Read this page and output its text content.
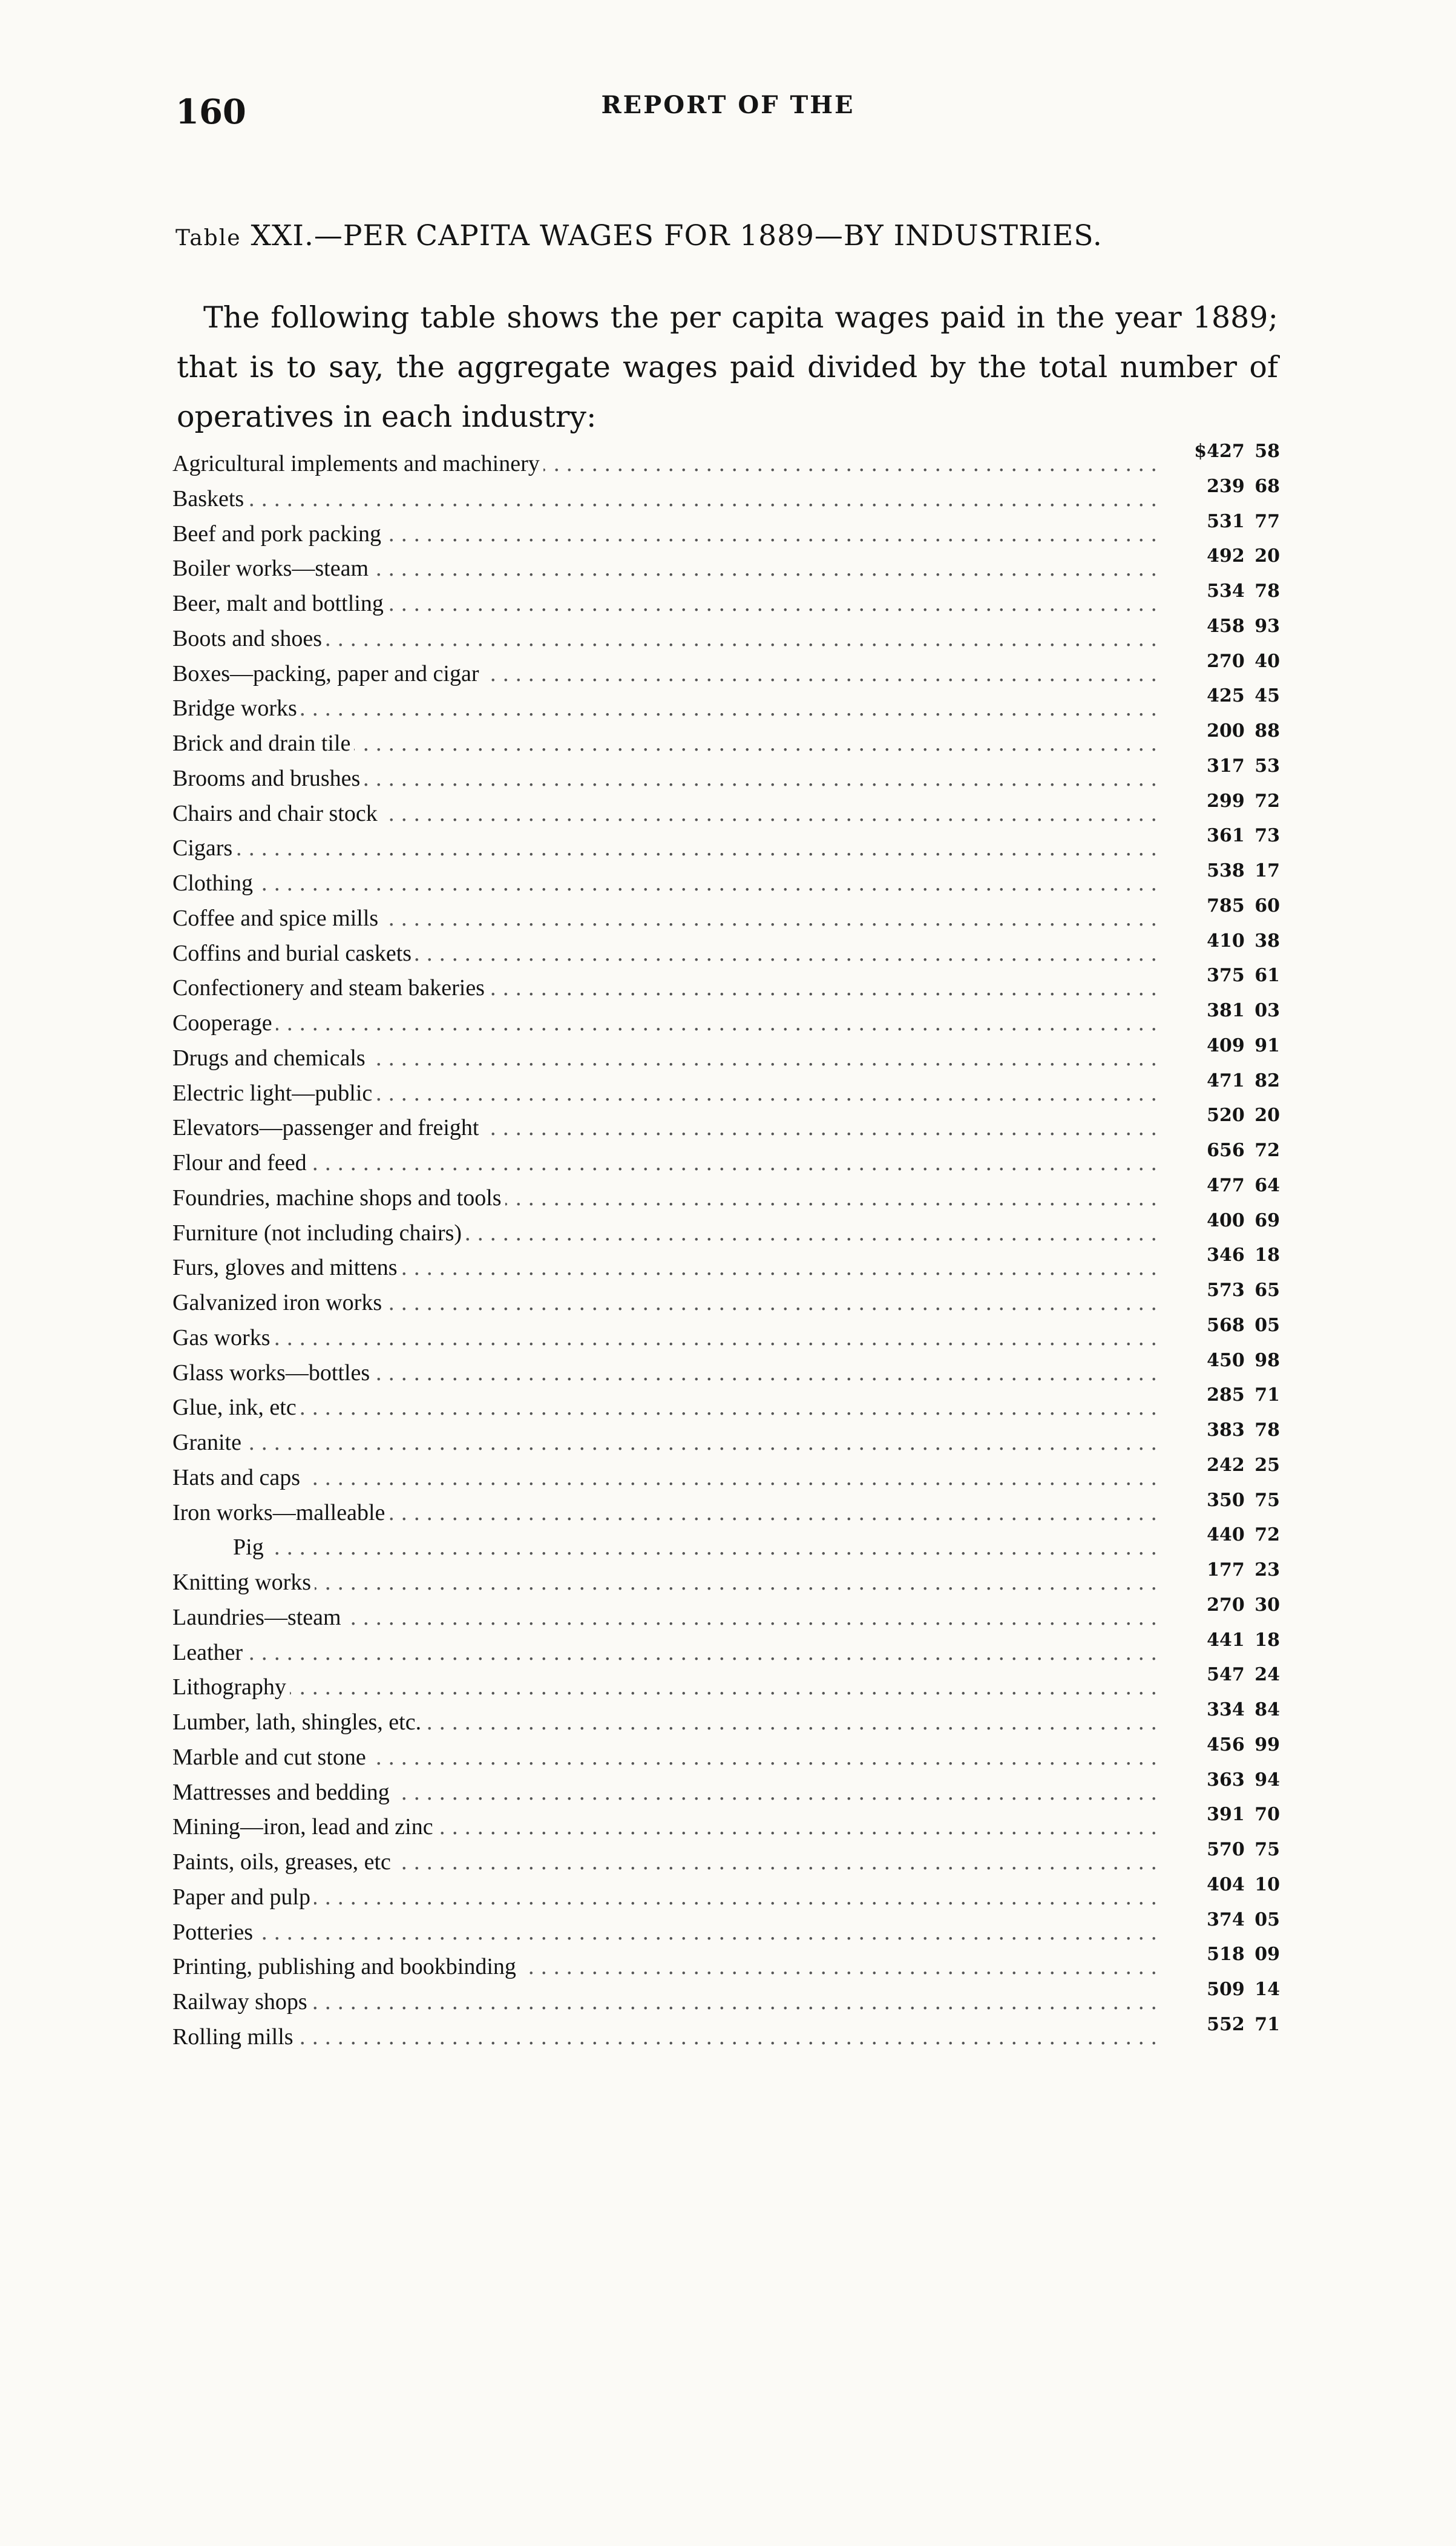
160	REPORT OF THE
Table XXI.—PER CAPITA WAGES FOR 1889—BY INDUSTRIES.
The following table shows the per capita wages paid in the year 1889; that is to say, the aggregate wages paid divided by the total number of operatives in each industry:
Agricultural implements and machinery . . .	$427 58
Baskets . . .	239 68
Beef and pork packing . . .	531 77
Boiler works—steam . . .	492 20
Beer, malt and bottling . . .	534 78
Boots and shoes . . .	458 93
Boxes—packing, paper and cigar . . .	270 40
Bridge works . . .	425 45
Brick and drain tile . . .	200 88
Brooms and brushes . . .	317 53
Chairs and chair stock . . .	299 72
Cigars . . .	361 73
Clothing . . .	538 17
Coffee and spice mills . . .	785 60
Coffins and burial caskets . . .	410 38
Confectionery and steam bakeries . . .	375 61
Cooperage . . .	381 03
Drugs and chemicals . . .	409 91
Electric light—public . . .	471 82
Elevators—passenger and freight . . .	520 20
Flour and feed . . .	656 72
Foundries, machine shops and tools . . .	477 64
Furniture (not including chairs) . . .	400 69
Furs, gloves and mittens . . .	346 18
Galvanized iron works . . .	573 65
Gas works . . .	568 05
Glass works—bottles . . .	450 98
Glue, ink, etc . . .	285 71
Granite . . .	383 78
Hats and caps . . .	242 25
Iron works—malleable . . .	350 75
Pig . . .	440 72
Knitting works . . .	177 23
Laundries—steam . . .	270 30
Leather . . .	441 18
Lithography . . .	547 24
Lumber, lath, shingles, etc. . . .	334 84
Marble and cut stone . . .	456 99
Mattresses and bedding . . .	363 94
Mining—iron, lead and zinc . . .	391 70
Paints, oils, greases, etc . . .	570 75
Paper and pulp . . .	404 10
Potteries . . .	374 05
Printing, publishing and bookbinding . . .	518 09
Railway shops . . .	509 14
Rolling mills . . .	552 71
